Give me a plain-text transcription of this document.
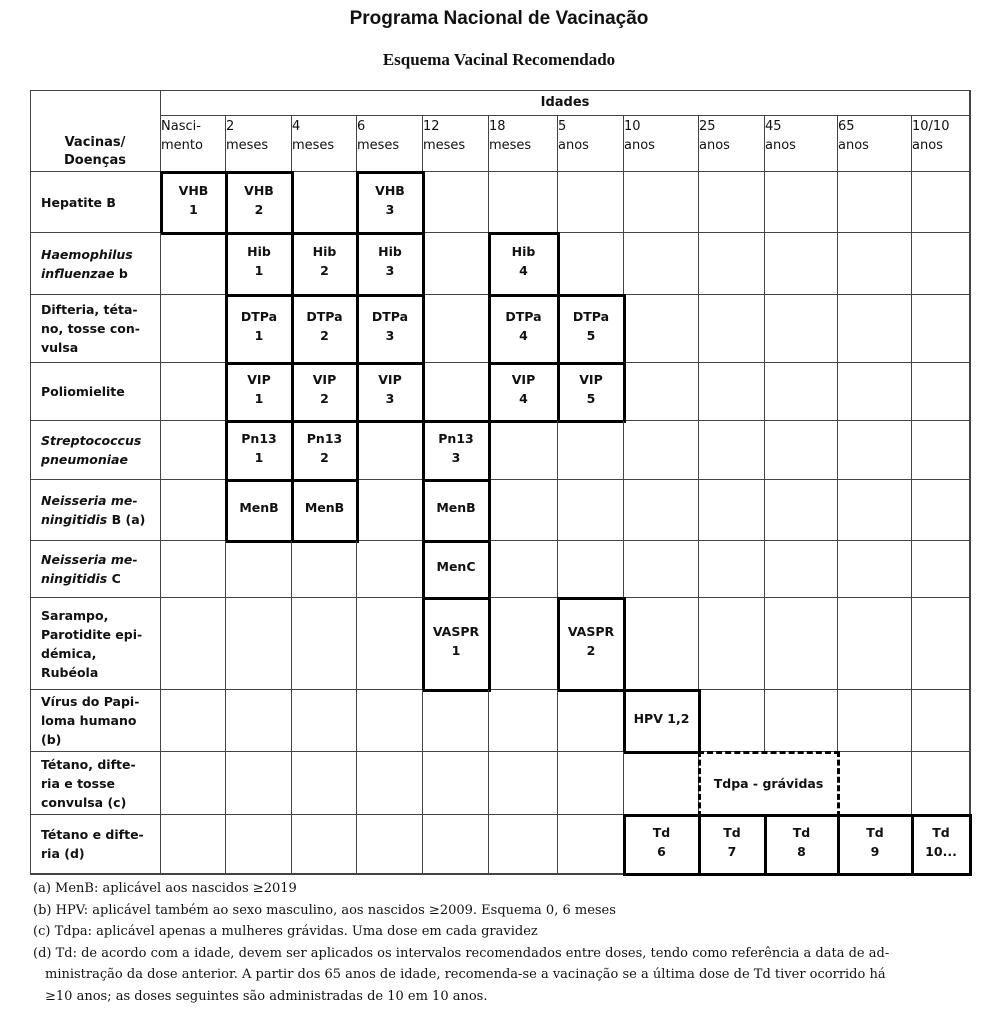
Programa Nacional de Vacinação
Esquema Vacinal Recomendado
Vacinas/
Doenças
Idades
Nasci-
mento
2
meses
4
meses
6
meses
12
meses
18
meses
5
anos
10
anos
25
anos
45
anos
65
anos
10/10
anos
Hepatite B
VHB
1
VHB
2
VHB
3
Haemophilus
influenzae b
Hib
1
Hib
2
Hib
3
Hib
4
Difteria, téta-
no, tosse con-
vulsa
DTPa
1
DTPa
2
DTPa
3
DTPa
4
DTPa
5
Poliomielite
VIP
1
VIP
2
VIP
3
VIP
4
VIP
5
Streptococcus
pneumoniae
Pn13
1
Pn13
2
Pn13
3
Neisseria me-
ningitidis B (a)
MenB	MenB	MenB
Neisseria me-
ningitidis C
MenC
Sarampo,
Parotidite epi-
démica,
Rubéola
VASPR
1
VASPR
2
Vírus do Papi-
loma humano
(b)
HPV 1,2
Tétano, difte-
ria e tosse
convulsa (c)
Tdpa - grávidas
Tétano e difte-
ria (d)
Td
6
Td
7
Td
8
Td
9
Td
10...
(a) MenB: aplicável aos nascidos ≥2019
(b) HPV: aplicável também ao sexo masculino, aos nascidos ≥2009. Esquema 0, 6 meses
(c) Tdpa: aplicável apenas a mulheres grávidas. Uma dose em cada gravidez
(d) Td: de acordo com a idade, devem ser aplicados os intervalos recomendados entre doses, tendo como referência a data de ad-
ministração da dose anterior. A partir dos 65 anos de idade, recomenda-se a vacinação se a última dose de Td tiver ocorrido há
≥10 anos; as doses seguintes são administradas de 10 em 10 anos.
